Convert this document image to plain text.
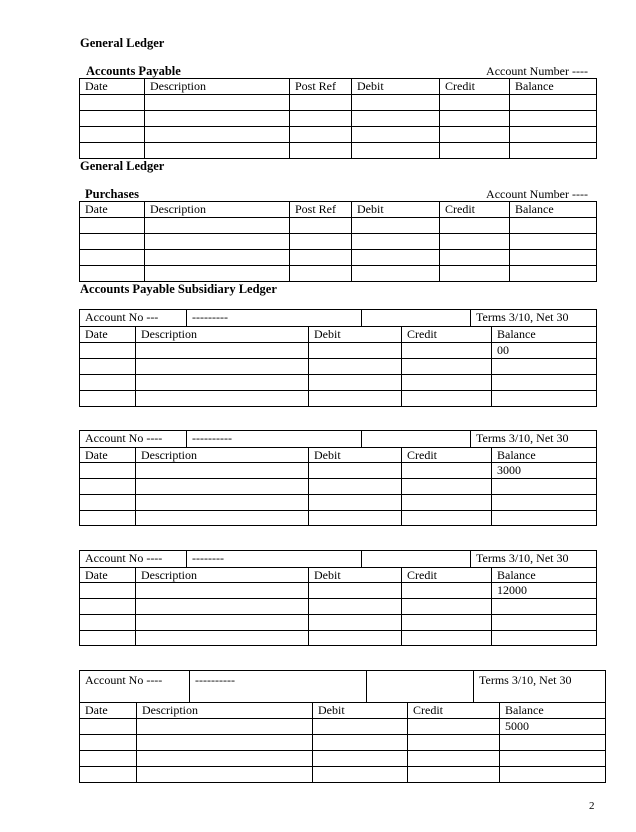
General Ledger
Accounts Payable	Account Number ----
Date	Description	Post Ref	Debit	Credit	Balance

General Ledger
Purchases	Account Number ----
Date	Description	Post Ref	Debit	Credit	Balance

Accounts Payable Subsidiary Ledger
Account No ---	---------		Terms 3/10, Net 30
Date	Description	Debit	Credit	Balance
				00

Account No ----	----------		Terms 3/10, Net 30
Date	Description	Debit	Credit	Balance
				3000

Account No ----	--------		Terms 3/10, Net 30
Date	Description	Debit	Credit	Balance
				12000

Account No ----	----------		Terms 3/10, Net 30
Date	Description	Debit	Credit	Balance
				5000

2
